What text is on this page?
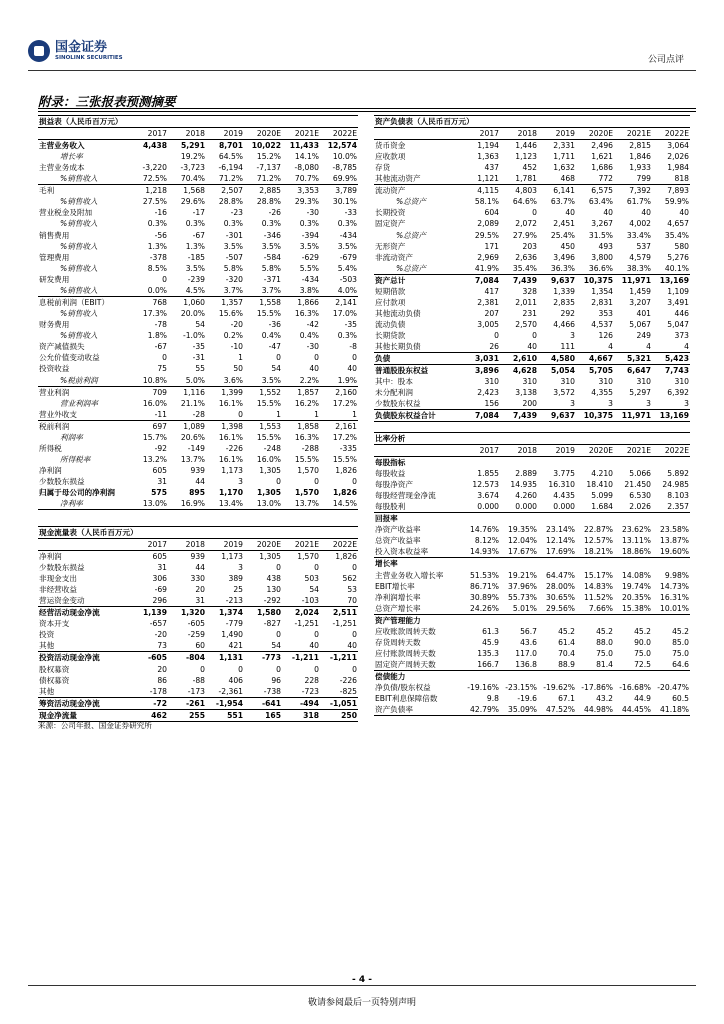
国金证券
SINOLINK SECURITIES	公司点评
附录：三张报表预测摘要
损益表（人民币百万元）						
	2017	2018	2019	2020E	2021E	2022E
主营业务收入	4,438	5,291	8,701	10,022	11,433	12,574
增长率		19.2%	64.5%	15.2%	14.1%	10.0%
主营业务成本	-3,220	-3,723	-6,194	-7,137	-8,080	-8,785
%销售收入	72.5%	70.4%	71.2%	71.2%	70.7%	69.9%
毛利	1,218	1,568	2,507	2,885	3,353	3,789
%销售收入	27.5%	29.6%	28.8%	28.8%	29.3%	30.1%
营业税金及附加	-16	-17	-23	-26	-30	-33
%销售收入	0.3%	0.3%	0.3%	0.3%	0.3%	0.3%
销售费用	-56	-67	-301	-346	-394	-434
%销售收入	1.3%	1.3%	3.5%	3.5%	3.5%	3.5%
管理费用	-378	-185	-507	-584	-629	-679
%销售收入	8.5%	3.5%	5.8%	5.8%	5.5%	5.4%
研发费用	0	-239	-320	-371	-434	-503
%销售收入	0.0%	4.5%	3.7%	3.7%	3.8%	4.0%
息税前利润（EBIT）	768	1,060	1,357	1,558	1,866	2,141
%销售收入	17.3%	20.0%	15.6%	15.5%	16.3%	17.0%
财务费用	-78	54	-20	-36	-42	-35
%销售收入	1.8%	-1.0%	0.2%	0.4%	0.4%	0.3%
资产减值损失	-67	-35	-10	-47	-30	-8
公允价值变动收益	0	-31	1	0	0	0
投资收益	75	55	50	54	40	40
%税前利润	10.8%	5.0%	3.6%	3.5%	2.2%	1.9%
营业利润	709	1,116	1,399	1,552	1,857	2,160
营业利润率	16.0%	21.1%	16.1%	15.5%	16.2%	17.2%
营业外收支	-11	-28	0	1	1	1
税前利润	697	1,089	1,398	1,553	1,858	2,161
利润率	15.7%	20.6%	16.1%	15.5%	16.3%	17.2%
所得税	-92	-149	-226	-248	-288	-335
所得税率	13.2%	13.7%	16.1%	16.0%	15.5%	15.5%
净利润	605	939	1,173	1,305	1,570	1,826
少数股东损益	31	44	3	0	0	0
归属于母公司的净利润	575	895	1,170	1,305	1,570	1,826
净利率	13.0%	16.9%	13.4%	13.0%	13.7%	14.5%
资产负债表（人民币百万元）						
	2017	2018	2019	2020E	2021E	2022E
货币资金	1,194	1,446	2,331	2,496	2,815	3,064
应收款项	1,363	1,123	1,711	1,621	1,846	2,026
存货	437	452	1,632	1,686	1,933	1,984
其他流动资产	1,121	1,781	468	772	799	818
流动资产	4,115	4,803	6,141	6,575	7,392	7,893
%总资产	58.1%	64.6%	63.7%	63.4%	61.7%	59.9%
长期投资	604	0	40	40	40	40
固定资产	2,089	2,072	2,451	3,267	4,002	4,657
%总资产	29.5%	27.9%	25.4%	31.5%	33.4%	35.4%
无形资产	171	203	450	493	537	580
非流动资产	2,969	2,636	3,496	3,800	4,579	5,276
%总资产	41.9%	35.4%	36.3%	36.6%	38.3%	40.1%
资产总计	7,084	7,439	9,637	10,375	11,971	13,169
短期借款	417	328	1,339	1,354	1,459	1,109
应付款项	2,381	2,011	2,835	2,831	3,207	3,491
其他流动负债	207	231	292	353	401	446
流动负债	3,005	2,570	4,466	4,537	5,067	5,047
长期贷款	0	0	3	126	249	373
其他长期负债	26	40	111	4	4	4
负债	3,031	2,610	4,580	4,667	5,321	5,423
普通股股东权益	3,896	4,628	5,054	5,705	6,647	7,743
其中：股本	310	310	310	310	310	310
未分配利润	2,423	3,138	3,572	4,355	5,297	6,392
少数股东权益	156	200	3	3	3	3
负债股东权益合计	7,084	7,439	9,637	10,375	11,971	13,169
比率分析						
	2017	2018	2019	2020E	2021E	2022E
每股指标						
每股收益	1.855	2.889	3.775	4.210	5.066	5.892
每股净资产	12.573	14.935	16.310	18.410	21.450	24.985
每股经营现金净流	3.674	4.260	4.435	5.099	6.530	8.103
每股股利	0.000	0.000	0.000	1.684	2.026	2.357
回报率						
净资产收益率	14.76%	19.35%	23.14%	22.87%	23.62%	23.58%
总资产收益率	8.12%	12.04%	12.14%	12.57%	13.11%	13.87%
投入资本收益率	14.93%	17.67%	17.69%	18.21%	18.86%	19.60%
增长率						
主营业务收入增长率	51.53%	19.21%	64.47%	15.17%	14.08%	9.98%
EBIT增长率	86.71%	37.96%	28.00%	14.83%	19.74%	14.73%
净利润增长率	30.89%	55.73%	30.65%	11.52%	20.35%	16.31%
总资产增长率	24.26%	5.01%	29.56%	7.66%	15.38%	10.01%
资产管理能力						
应收账款周转天数	61.3	56.7	45.2	45.2	45.2	45.2
存货周转天数	45.9	43.6	61.4	88.0	90.0	85.0
应付账款周转天数	135.3	117.0	70.4	75.0	75.0	75.0
固定资产周转天数	166.7	136.8	88.9	81.4	72.5	64.6
偿债能力						
净负债/股东权益	-19.16%	-23.15%	-19.62%	-17.86%	-16.68%	-20.47%
EBIT利息保障倍数	9.8	-19.6	67.1	43.2	44.9	60.5
资产负债率	42.79%	35.09%	47.52%	44.98%	44.45%	41.18%
现金流量表（人民币百万元）						
	2017	2018	2019	2020E	2021E	2022E
净利润	605	939	1,173	1,305	1,570	1,826
少数股东损益	31	44	3	0	0	0
非现金支出	306	330	389	438	503	562
非经营收益	-69	20	25	130	54	53
营运资金变动	296	31	-213	-292	-103	70
经营活动现金净流	1,139	1,320	1,374	1,580	2,024	2,511
资本开支	-657	-605	-779	-827	-1,251	-1,251
投资	-20	-259	1,490	0	0	0
其他	73	60	421	54	40	40
投资活动现金净流	-605	-804	1,131	-773	-1,211	-1,211
股权募资	20	0	0	0	0	0
债权募资	86	-88	406	96	228	-226
其他	-178	-173	-2,361	-738	-723	-825
筹资活动现金净流	-72	-261	-1,954	-641	-494	-1,051
现金净流量	462	255	551	165	318	250
来源：公司年报、国金证券研究所
- 4 -
敬请参阅最后一页特别声明
